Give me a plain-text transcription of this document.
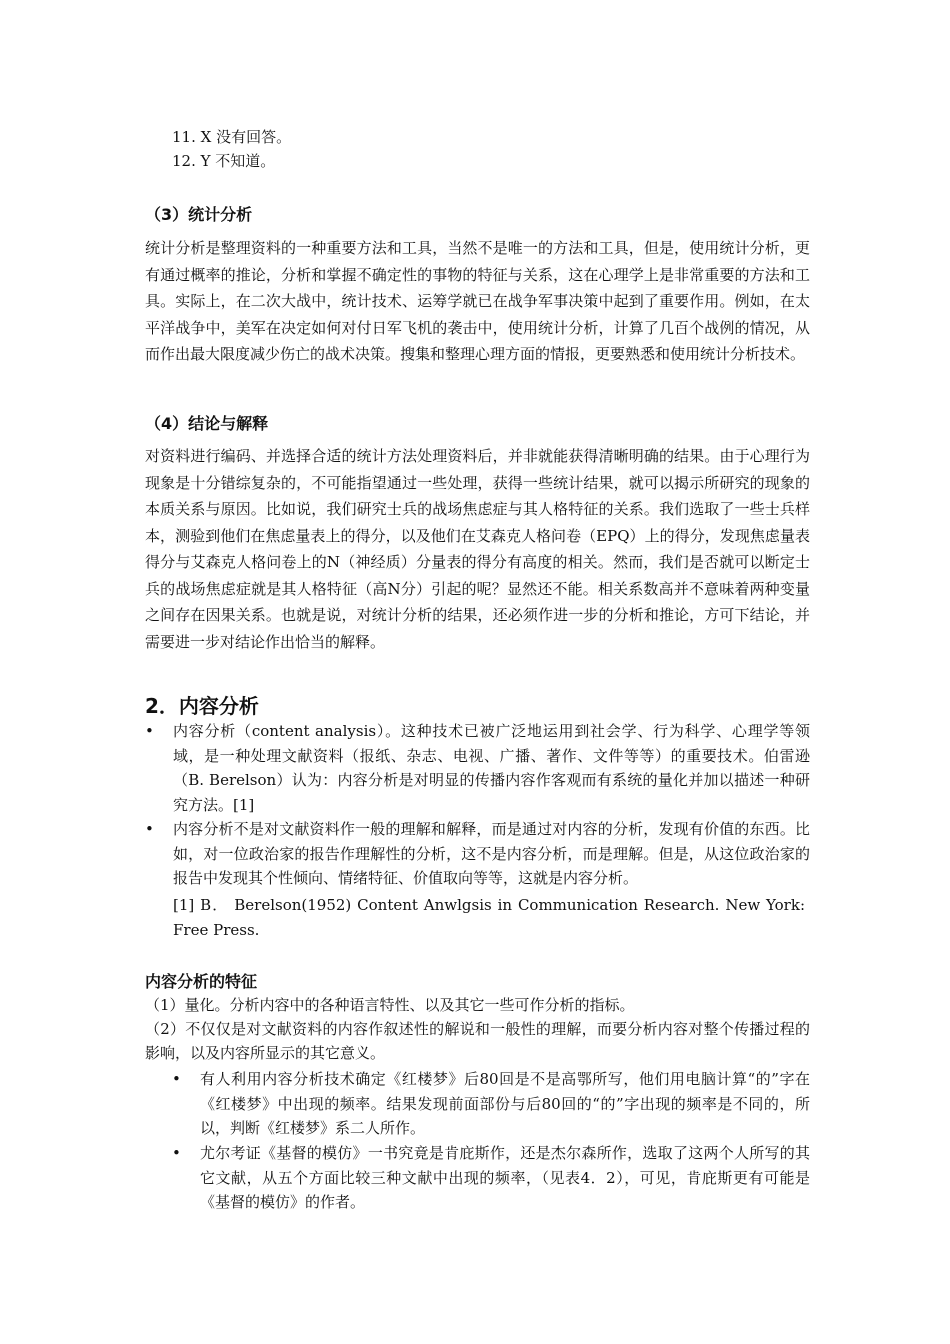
11. X 没有回答。
12. Y 不知道。
（3）统计分析
统计分析是整理资料的一种重要方法和工具，当然不是唯一的方法和工具，但是，使用统计分析，更有通过概率的推论，分析和掌握不确定性的事物的特征与关系，这在心理学上是非常重要的方法和工具。实际上，在二次大战中，统计技术、运筹学就已在战争军事决策中起到了重要作用。例如，在太平洋战争中，美军在决定如何对付日军飞机的袭击中，使用统计分析，计算了几百个战例的情况，从而作出最大限度减少伤亡的战术决策。搜集和整理心理方面的情报，更要熟悉和使用统计分析技术。
（4）结论与解释
对资料进行编码、并选择合适的统计方法处理资料后，并非就能获得清晰明确的结果。由于心理行为现象是十分错综复杂的，不可能指望通过一些处理，获得一些统计结果，就可以揭示所研究的现象的本质关系与原因。比如说，我们研究士兵的战场焦虑症与其人格特征的关系。我们选取了一些士兵样本，测验到他们在焦虑量表上的得分，以及他们在艾森克人格问卷（EPQ）上的得分，发现焦虑量表得分与艾森克人格问卷上的N（神经质）分量表的得分有高度的相关。然而，我们是否就可以断定士兵的战场焦虑症就是其人格特征（高N分）引起的呢？显然还不能。相关系数高并不意味着两种变量之间存在因果关系。也就是说，对统计分析的结果，还必须作进一步的分析和推论，方可下结论，并需要进一步对结论作出恰当的解释。
2．内容分析
• 内容分析（content analysis）。这种技术已被广泛地运用到社会学、行为科学、心理学等领域，是一种处理文献资料（报纸、杂志、电视、广播、著作、文件等等）的重要技术。伯雷逊（B. Berelson）认为：内容分析是对明显的传播内容作客观而有系统的量化并加以描述一种研究方法。[1]
• 内容分析不是对文献资料作一般的理解和解释，而是通过对内容的分析，发现有价值的东西。比如，对一位政治家的报告作理解性的分析，这不是内容分析，而是理解。但是，从这位政治家的报告中发现其个性倾向、情绪特征、价值取向等等，这就是内容分析。
[1] B． Berelson(1952) Content Anwlgsis in Communication Research. New York: Free Press.
内容分析的特征
（1）量化。分析内容中的各种语言特性、以及其它一些可作分析的指标。
（2）不仅仅是对文献资料的内容作叙述性的解说和一般性的理解，而要分析内容对整个传播过程的影响，以及内容所显示的其它意义。
• 有人利用内容分析技术确定《红楼梦》后80回是不是高鄂所写，他们用电脑计算“的”字在《红楼梦》中出现的频率。结果发现前面部份与后80回的“的”字出现的频率是不同的，所以，判断《红楼梦》系二人所作。
• 尤尔考证《基督的模仿》一书究竟是肯庇斯作，还是杰尔森所作，选取了这两个人所写的其它文献，从五个方面比较三种文献中出现的频率，（见表4．2），可见，肯庇斯更有可能是《基督的模仿》的作者。
